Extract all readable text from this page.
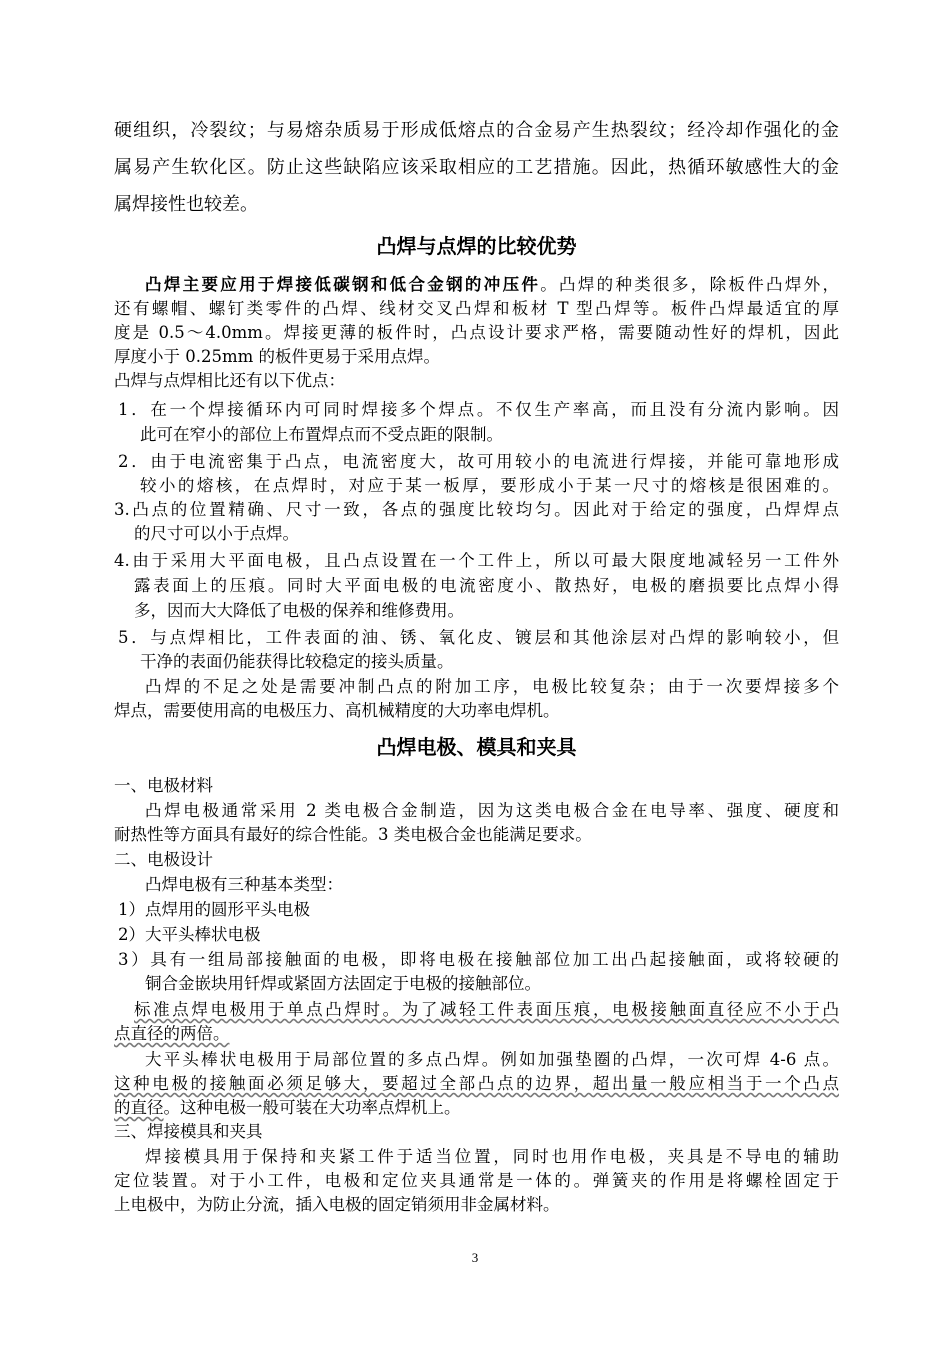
硬组织，冷裂纹；与易熔杂质易于形成低熔点的合金易产生热裂纹；经冷却作强化的金
属易产生软化区。防止这些缺陷应该采取相应的工艺措施。因此，热循环敏感性大的金
属焊接性也较差。
凸焊与点焊的比较优势
凸焊主要应用于焊接低碳钢和低合金钢的冲压件。凸焊的种类很多，除板件凸焊外，
还有螺帽、螺钉类零件的凸焊、线材交叉凸焊和板材 T 型凸焊等。板件凸焊最适宜的厚
度是 0.5～4.0mm。焊接更薄的板件时，凸点设计要求严格，需要随动性好的焊机，因此
厚度小于 0.25mm 的板件更易于采用点焊。
凸焊与点焊相比还有以下优点：
1．在一个焊接循环内可同时焊接多个焊点。不仅生产率高，而且没有分流内影响。因
此可在窄小的部位上布置焊点而不受点距的限制。
2．由于电流密集于凸点，电流密度大，故可用较小的电流进行焊接，并能可靠地形成
较小的熔核，在点焊时，对应于某一板厚，要形成小于某一尺寸的熔核是很困难的。
3.凸点的位置精确、尺寸一致，各点的强度比较均匀。因此对于给定的强度，凸焊焊点
的尺寸可以小于点焊。
4.由于采用大平面电极，且凸点设置在一个工件上，所以可最大限度地减轻另一工件外
露表面上的压痕。同时大平面电极的电流密度小、散热好，电极的磨损要比点焊小得
多，因而大大降低了电极的保养和维修费用。
5．与点焊相比，工件表面的油、锈、氧化皮、镀层和其他涂层对凸焊的影响较小，但
干净的表面仍能获得比较稳定的接头质量。
凸焊的不足之处是需要冲制凸点的附加工序，电极比较复杂；由于一次要焊接多个
焊点，需要使用高的电极压力、高机械精度的大功率电焊机。
凸焊电极、模具和夹具
一、电极材料
凸焊电极通常采用 2 类电极合金制造，因为这类电极合金在电导率、强度、硬度和
耐热性等方面具有最好的综合性能。3 类电极合金也能满足要求。
二、电极设计
凸焊电极有三种基本类型：
1）点焊用的圆形平头电极
2）大平头棒状电极
3）具有一组局部接触面的电极，即将电极在接触部位加工出凸起接触面，或将较硬的
铜合金嵌块用钎焊或紧固方法固定于电极的接触部位。
标准点焊电极用于单点凸焊时。为了减轻工件表面压痕，电极接触面直径应不小于凸
点直径的两倍。
大平头棒状电极用于局部位置的多点凸焊。例如加强垫圈的凸焊，一次可焊 4-6 点。
这种电极的接触面必须足够大，要超过全部凸点的边界，超出量一般应相当于一个凸点
的直径。这种电极一般可装在大功率点焊机上。
三、焊接模具和夹具
焊接模具用于保持和夹紧工件于适当位置，同时也用作电极，夹具是不导电的辅助
定位装置。对于小工件，电极和定位夹具通常是一体的。弹簧夹的作用是将螺栓固定于
上电极中，为防止分流，插入电极的固定销须用非金属材料。
3
